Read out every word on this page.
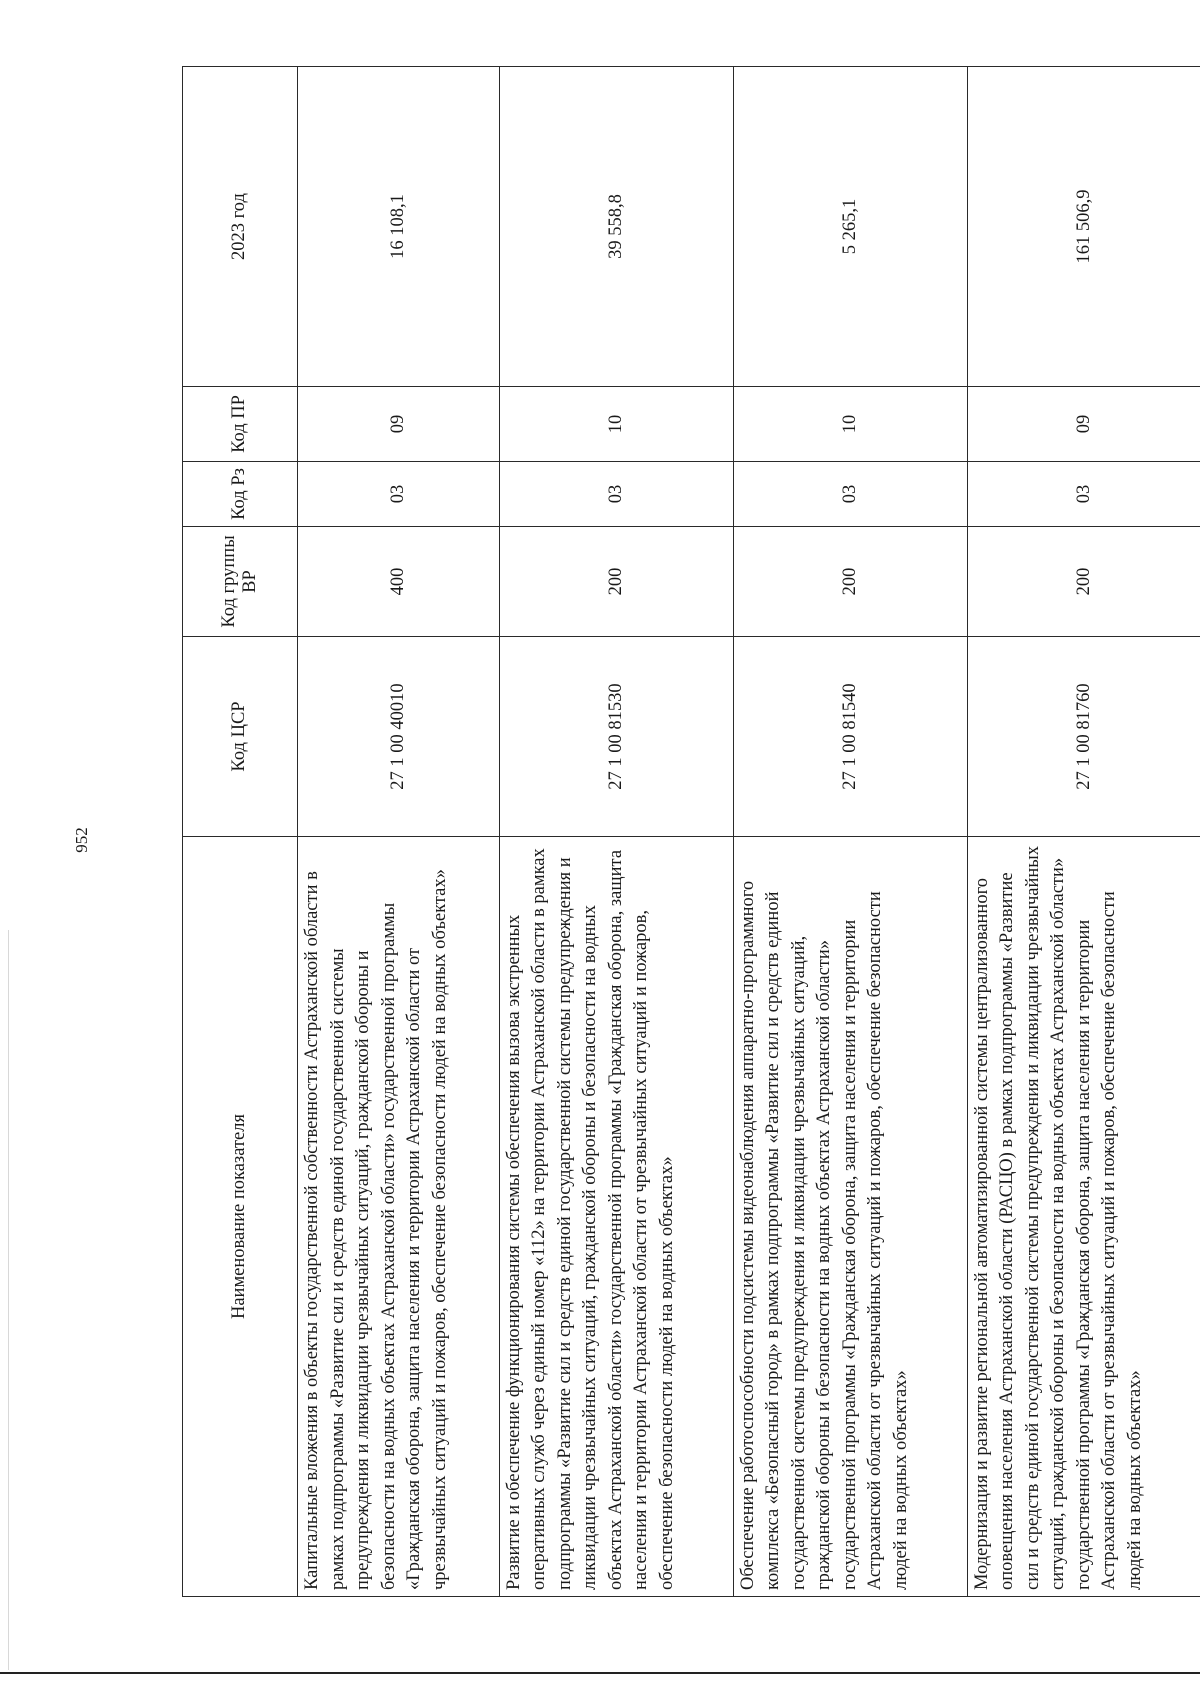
952
Наименование показателя	Код ЦСР	Код группы ВР	Код Рз	Код ПР	2023 год
Капитальные вложения в объекты государственной собственности Астраханской области в рамках подпрограммы «Развитие сил и средств единой государственной системы предупреждения и ликвидации чрезвычайных ситуаций, гражданской обороны и безопасности на водных объектах Астраханской области» государственной программы «Гражданская оборона, защита населения и территории Астраханской области от чрезвычайных ситуаций и пожаров, обеспечение безопасности людей на водных объектах»	27 1 00 40010	400	03	09	16 108,1
Развитие и обеспечение функционирования системы обеспечения вызова экстренных оперативных служб через единый номер «112» на территории Астраханской области в рамках подпрограммы «Развитие сил и средств единой государственной системы предупреждения и ликвидации чрезвычайных ситуаций, гражданской обороны и безопасности на водных объектах Астраханской области» государственной программы «Гражданская оборона, защита населения и территории Астраханской области от чрезвычайных ситуаций и пожаров, обеспечение безопасности людей на водных объектах»	27 1 00 81530	200	03	10	39 558,8
Обеспечение работоспособности подсистемы видеонаблюдения аппаратно-программного комплекса «Безопасный город» в рамках подпрограммы «Развитие сил и средств единой государственной системы предупреждения и ликвидации чрезвычайных ситуаций, гражданской обороны и безопасности на водных объектах Астраханской области» государственной программы «Гражданская оборона, защита населения и территории Астраханской области от чрезвычайных ситуаций и пожаров, обеспечение безопасности людей на водных объектах»	27 1 00 81540	200	03	10	5 265,1
Модернизация и развитие региональной автоматизированной системы централизованного оповещения населения Астраханской области (РАСЦО) в рамках подпрограммы «Развитие сил и средств единой государственной системы предупреждения и ликвидации чрезвычайных ситуаций, гражданской обороны и безопасности на водных объектах Астраханской области» государственной программы «Гражданская оборона, защита населения и территории Астраханской области от чрезвычайных ситуаций и пожаров, обеспечение безопасности людей на водных объектах»	27 1 00 81760	200	03	09	161 506,9
